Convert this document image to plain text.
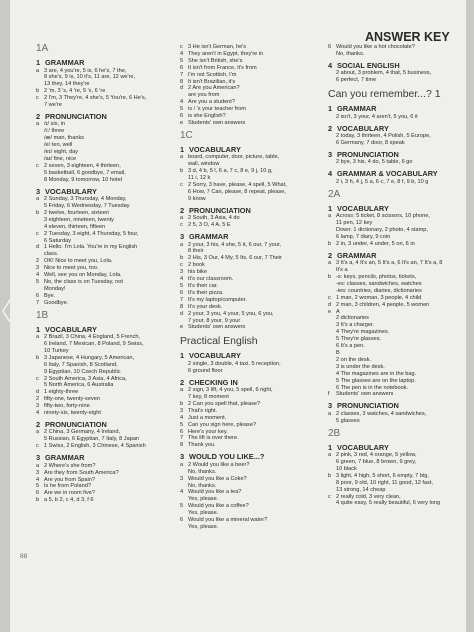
ANSWER KEY
1A
1 GRAMMAR
a 3 are, 4 you're, 5 is, 6 he's, 7 the,
8 she's, 9 is, 10 it's, 11 are, 12 we're,
13 they, 14 they're
b 2 'm, 3 's, 4 're, 5 's, 6 're
c 2 I'm, 3 They're, 4 she's, 5 You're, 6 He's,
7 we're
2 PRONUNCIATION
a /ɪ/ six, in
/i:/ three
/æ/ man, thanks
/e/ ten, well
/eɪ/ eight, day
/aɪ/ fine, nice
c 2 seven, 3 eighteen, 4 thirteen,
5 basketball, 6 goodbye, 7 email,
8 Monday, 9 tomorrow, 10 hotel
3 VOCABULARY
a 2 Sunday, 3 Thursday, 4 Monday,
5 Friday, 6 Wednesday, 7 Tuesday
b 2 twelve, fourteen, sixteen
3 eighteen, nineteen, twenty
4 eleven, thirteen, fifteen
c 2 Tuesday, 3 eight, 4 Thursday, 5 four,
6 Saturday
d 1 Hello. I'm Lola. You're in my English
class.
2 OK! Nice to meet you, Lola.
3 Nice to meet you, too.
4 Well, see you on Monday, Lola.
5 No, the class is on Tuesday, not
Monday!
6 Bye.
7 Goodbye.
1B
1 VOCABULARY
a 2 Brazil, 3 China, 4 England, 5 French,
6 Ireland, 7 Mexican, 8 Poland, 9 Swiss,
10 Turkey
b 3 Japanese, 4 Hungary, 5 American,
6 Italy, 7 Spanish, 8 Scotland,
9 Egyptian, 10 Czech Republic
c 2 South America, 3 Asia, 4 Africa,
5 North America, 6 Australia
d 1 eighty-three
2 fifty-one, twenty-seven
3 fifty-two, forty-nine
4 ninety-six, twenty-eight
2 PRONUNCIATION
a 2 China, 3 Germany, 4 Ireland,
5 Russian, 6 Egyptian, 7 Italy, 8 Japan
c 1 Swiss, 2 English, 3 Chinese, 4 Spanish
3 GRAMMAR
a 2 Where's she from?
3 Are they from South America?
4 Are you from Spain?
5 Is he from Poland?
6 Are we in room five?
b a 5, b 2, c 4, d 3, f 6
c 3 He isn't German, he's
4 They aren't in Egypt, they're in
5 She isn't British, she's
6 It isn't from France, it's from
7 I'm not Scottish, I'm
8 It isn't Brazilian, it's
d 2 Are you American?
are you from
4 Are you a student?
5 is / 's your teacher from
6 is she English?
e Students' own answers
1C
1 VOCABULARY
a board, computer, door, picture, table,
wall, window
b 3 d, 4 b, 5 l, 6 a, 7 c, 8 e, 9 j, 10 g,
11 i, 12 k
c 2 Sorry, 3 have, please, 4 spell, 5 What,
6 How, 7 Can, please, 8 repeat, please,
9 know
2 PRONUNCIATION
a 2 South, 3 Asia, 4 do
c 2 5, 3 O, 4 A, 5 E
3 GRAMMAR
a 2 your, 3 his, 4 she, 5 it, 6 our, 7 your,
8 their
b 2 His, 3 Our, 4 My, 5 Its, 6 our, 7 Their
c 2 book
3 his bike
4 It's our classroom.
5 It's their car.
6 It's their pizza.
7 It's my laptop/computer.
8 It's your desk.
d 2 your, 3 you, 4 your, 5 you, 6 you,
7 your, 8 your, 9 your
e Students' own answers
Practical English
1 VOCABULARY
2 single, 3 double, 4 taxi, 5 reception,
6 ground floor
2 CHECKING IN
a 2 sign, 3 lift, 4 you, 5 spell, 6 right,
7 key, 8 moment
b 2 Can you spell that, please?
3 That's right.
4 Just a moment.
5 Can you sign here, please?
6 Here's your key.
7 The lift is over there.
8 Thank you.
3 WOULD YOU LIKE...?
a 2 Would you like a beer?
No, thanks.
3 Would you like a Coke?
No, thanks.
4 Would you like a tea?
Yes, please.
5 Would you like a coffee?
Yes, please.
6 Would you like a mineral water?
Yes, please.
6 Would you like a hot chocolate?
No, thanks.
4 SOCIAL ENGLISH
2 about, 3 problem, 4 that, 5 business,
6 perfect, 7 time
Can you remember...? 1
1 GRAMMAR
2 isn't, 3 your, 4 aren't, 5 you, 6 it
2 VOCABULARY
2 today, 3 thirteen, 4 Polish, 5 Europe,
6 Germany, 7 door, 8 speak
3 PRONUNCIATION
2 bye, 3 his, 4 do, 5 table, 6 go
4 GRAMMAR & VOCABULARY
2 i, 3 h, 4 j, 5 a, 6 c, 7 e, 8 f, 9 b, 10 g
2A
1 VOCABULARY
a Across: 5 ticket, 8 scissors, 10 phone,
11 pen, 12 key
Down: 1 dictionary, 2 photo, 4 stamp,
6 lamp, 7 diary, 9 coin
b 2 in, 3 under, 4 under, 5 on, 6 in
2 GRAMMAR
a 3 It's a, 4 It's an, 5 It's a, 6 It's an, 7 It's a, 8
It's a
b -s: keys, pencils, photos, tickets,
-es: classes, sandwiches, watches
-ies: countries, diaries, dictionaries
c 1 man, 2 woman, 3 people, 4 child
d 2 man, 3 children, 4 people, 5 women
e A
2 dictionaries
3 It's a charger.
4 They're magazines.
5 They're glasses.
6 It's a pen.
B
2 on the desk.
3 is under the desk.
4 The magazines are in the bag.
5 The glasses are on the laptop.
6 The pen is in the notebook.
f	Students' own answers
3 PRONUNCIATION
a 2 classes, 3 watches, 4 sandwiches,
5 glasses
2B
1 VOCABULARY
a 2 pink, 3 red, 4 orange, 5 yellow,
6 green, 7 blue, 8 brown, 9 grey,
10 black
b 3 light, 4 high, 5 short, 6 empty, 7 big,
8 poor, 9 old, 10 right, 11 good, 12 fast,
13 strong, 14 cheap
c 2 really cold, 3 very clean,
4 quite easy, 5 really beautiful, 6 very long
88
